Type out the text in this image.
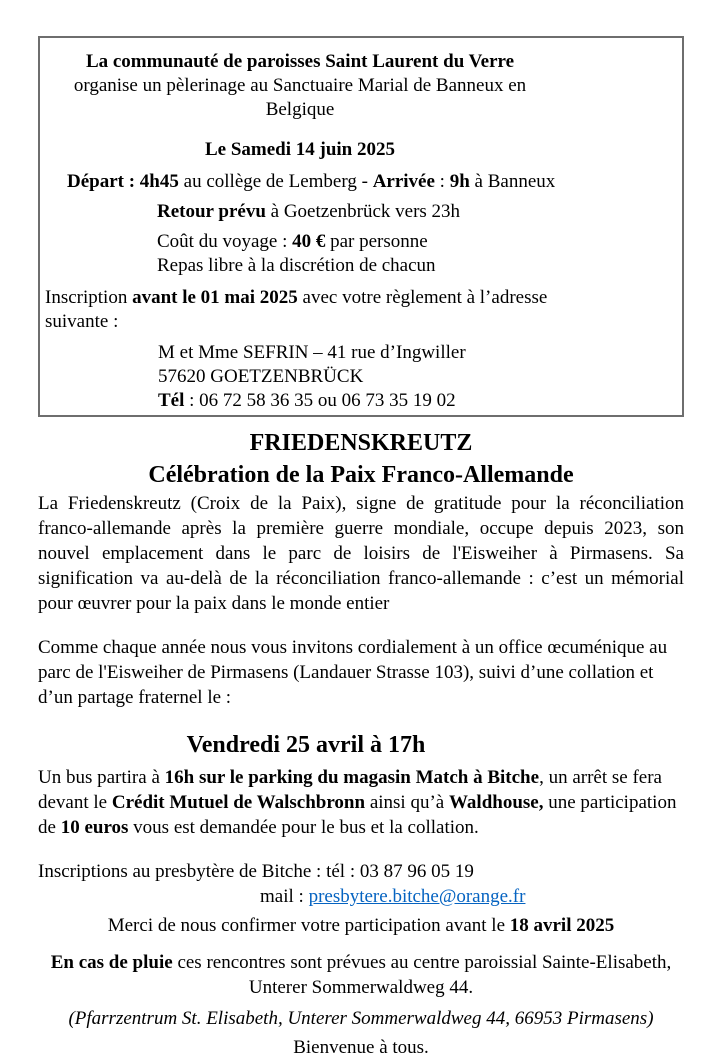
La communauté de paroisses Saint Laurent du Verre
organise un pèlerinage au Sanctuaire Marial de Banneux en Belgique
Le Samedi 14 juin 2025
Départ : 4h45 au collège de Lemberg - Arrivée : 9h à Banneux
Retour prévu à Goetzenbrück vers 23h
Coût du voyage : 40 € par personne
Repas libre à la discrétion de chacun
Inscription avant le 01 mai 2025 avec votre règlement à l’adresse
suivante :
M et Mme SEFRIN – 41 rue d’Ingwiller
57620 GOETZENBRÜCK
Tél : 06 72 58 36 35 ou 06 73 35 19 02
FRIEDENSKREUTZ
Célébration de la Paix Franco-Allemande

La Friedenskreutz (Croix de la Paix), signe de gratitude pour la réconciliation franco-allemande après la première guerre mondiale, occupe depuis 2023, son nouvel emplacement dans le parc de loisirs de l'Eisweiher à Pirmasens. Sa signification va au-delà de la réconciliation franco-allemande : c’est un mémorial pour œuvrer pour la paix dans le monde entier

Comme chaque année nous vous invitons cordialement à un office œcuménique au parc de l'Eisweiher de Pirmasens (Landauer Strasse 103), suivi d’une collation et d’un partage fraternel le :

Vendredi 25 avril à 17h

Un bus partira à 16h sur le parking du magasin Match à Bitche, un arrêt se fera devant le Crédit Mutuel de Walschbronn ainsi qu’à Waldhouse, une participation de 10 euros vous est demandée pour le bus et la collation.

Inscriptions au presbytère de Bitche : tél : 03 87 96 05 19
mail : presbytere.bitche@orange.fr
Merci de nous confirmer votre participation avant le 18 avril 2025
En cas de pluie ces rencontres sont prévues au centre paroissial Sainte-Elisabeth,
Unterer Sommerwaldweg 44.
(Pfarrzentrum St. Elisabeth, Unterer Sommerwaldweg 44, 66953 Pirmasens)
Bienvenue à tous.
